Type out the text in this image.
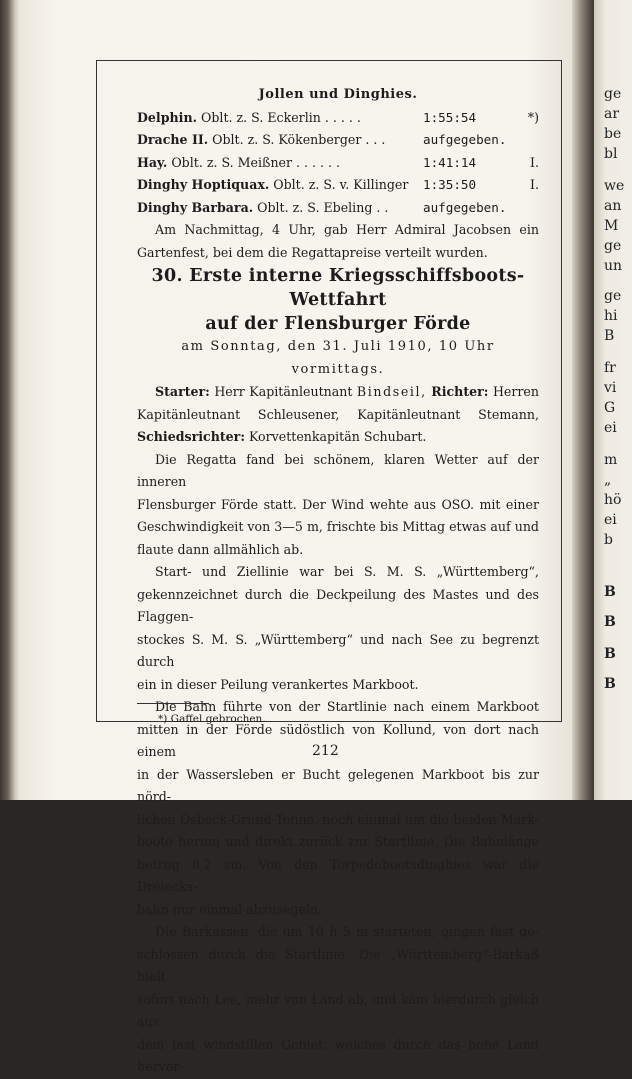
ge
ar
be
bl
we
an
M
ge
un
ge
hi
B
fr
vi
G
ei
m
„
hö
ei
b
B
B
B
B

Jollen und Dinghies.

Delphin. Oblt. z. S. Eckerlin . . . . .	1:55:54	*)
Drache II. Oblt. z. S. Kökenberger . . .	aufgegeben.
Hay. Oblt. z. S. Meißner . . . . . .	1:41:14	I.
Dinghy Hoptiquax. Oblt. z. S. v. Killinger	1:35:50	I.
Dinghy Barbara. Oblt. z. S. Ebeling . .	aufgegeben.

Am Nachmittag, 4 Uhr, gab Herr Admiral Jacobsen ein

Gartenfest, bei dem die Regattapreise verteilt wurden.

30. Erste interne Kriegsschiffsboots-Wettfahrt

auf der Flensburger Förde

am Sonntag, den 31. Juli 1910, 10 Uhr vormittags.

Starter: Herr Kapitänleutnant Bindseil, Richter: Herren

Kapitänleutnant Schleusener, Kapitänleutnant Stemann,

Schiedsrichter: Korvettenkapitän Schubart.

Die Regatta fand bei schönem, klaren Wetter auf der inneren

Flensburger Förde statt. Der Wind wehte aus OSO. mit einer

Geschwindigkeit von 3—5 m, frischte bis Mittag etwas auf und

flaute dann allmählich ab.

Start- und Ziellinie war bei S. M. S. „Württemberg“,

gekennzeichnet durch die Deckpeilung des Mastes und des Flaggen-

stockes S. M. S. „Württemberg“ und nach See zu begrenzt durch

ein in dieser Peilung verankertes Markboot.

Die Bahn führte von der Startlinie nach einem Markboot

mitten in der Förde südöstlich von Kollund, von dort nach einem

in der Wassersleben er Bucht gelegenen Markboot bis zur nörd-

lichen Osbeck-Grund-Tonne, noch einmal um die beiden Mark-

boote herum und direkt zurück zur Startlinie. Die Bahnlänge

betrug 8,2 sm. Von den Torpedobootsdinghies war die Dreiecks-

bahn nur einmal abzusegeln.

Die Barkassen, die um 10 h 5 m starteten, gingen fast ge-

schlossen durch die Startlinie. Die „Württemberg“-Barkaß hielt

sofort nach Lee, mehr von Land ab, und kam hierdurch gleich aus

dem fast windstillen Gebiet, welches durch das hohe Land hervor-

*) Gaffel gebrochen.
212
